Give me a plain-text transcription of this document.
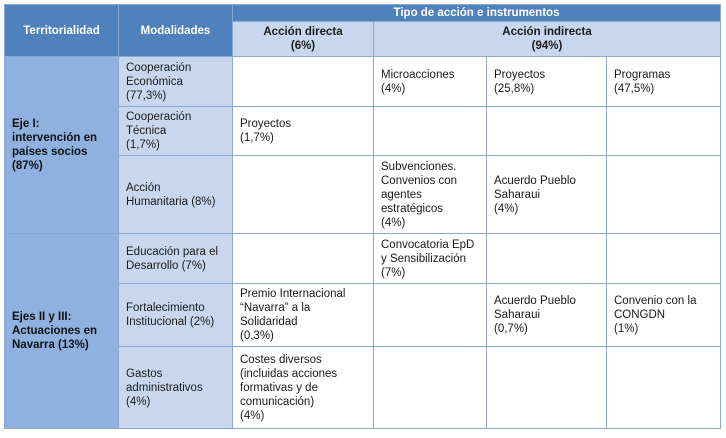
Territorialidad	Modalidades	Tipo de acción e instrumentos			

		Acción directa
(6%)	Acción indirecta
(94%)		

Eje I:
intervención en
países socios
(87%)	Cooperación
Económica
(77,3%)		Microacciones
(4%)	Proyectos
(25,8%)	Programas
(47,5%)

	Cooperación
Técnica
(1,7%)	Proyectos
(1,7%)			

	Acción
Humanitaria (8%)		Subvenciones.
Convenios con
agentes
estratégicos
(4%)	Acuerdo Pueblo
Saharaui
(4%)	

Ejes II y III:
Actuaciones en
Navarra (13%)	Educación para el
Desarrollo (7%)		Convocatoria EpD
y Sensibilización
(7%)		

	Fortalecimiento
Institucional (2%)	Premio Internacional
“Navarra” a la
Solidaridad
(0,3%)		Acuerdo Pueblo
Saharaui
(0,7%)	Convenio con la
CONGDN
(1%)

	Gastos
administrativos
(4%)	Costes diversos
(incluidas acciones
formativas y de
comunicación)
(4%)			
